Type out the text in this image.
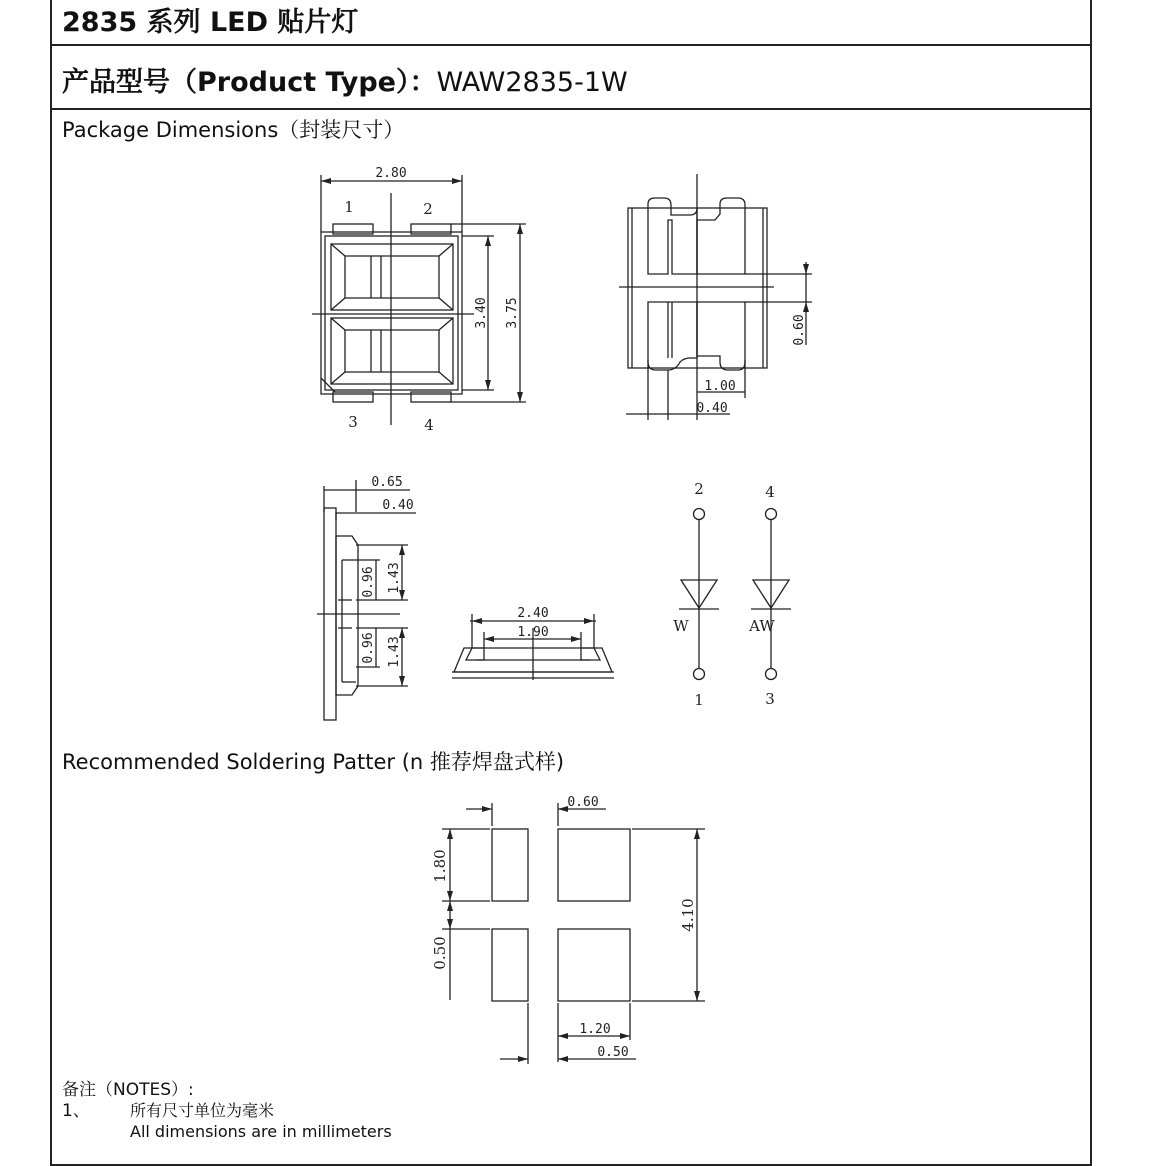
2835 系列 LED 贴片灯
产品型号（Product Type）：WAW2835-1W
Package Dimensions（封装尺寸）
2.80
1	2
3.40 3.75
3	4
0.60
1.00
0.40
0.65
0.40
0.96 1.43
0.96 1.43
2.40
1.90
2	4
W	AW
1	3
0.60
1.80
0.50
4.10
1.20
0.50
Recommended Soldering Patter (n 推荐焊盘式样)
备注（NOTES）:
1、	所有尺寸单位为毫米
All dimensions are in millimeters
